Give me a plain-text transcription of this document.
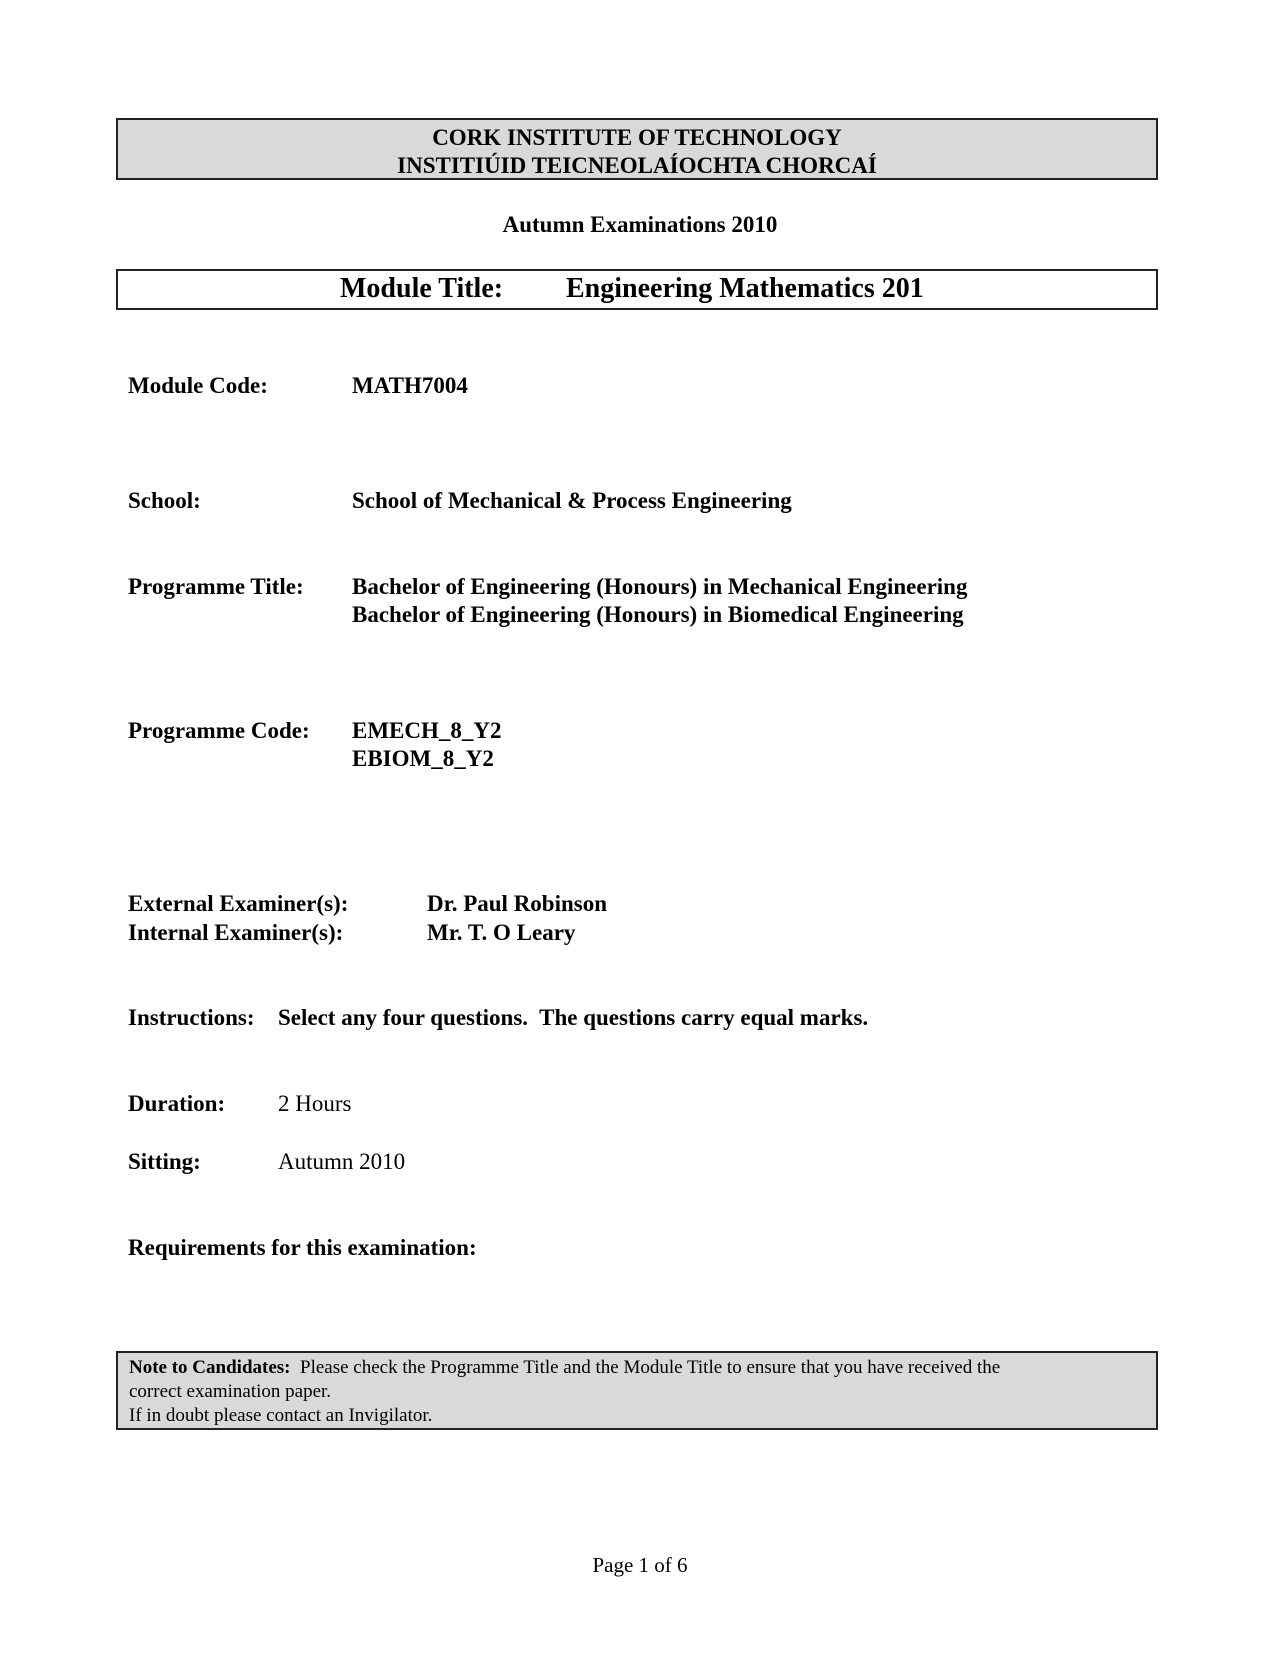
CORK INSTITUTE OF TECHNOLOGY
INSTITIÚID TEICNEOLAÍOCHTA CHORCAÍ
Autumn Examinations 2010
Module Title: Engineering Mathematics 201
Module Code:	MATH7004
School:	School of Mechanical & Process Engineering
Programme Title: Bachelor of Engineering (Honours) in Mechanical Engineering
Bachelor of Engineering (Honours) in Biomedical Engineering
Programme Code: EMECH_8_Y2
EBIOM_8_Y2
External Examiner(s):	Dr. Paul Robinson
Internal Examiner(s):	Mr. T. O Leary
Instructions: Select any four questions.  The questions carry equal marks.
Duration: 2 Hours
Sitting:	Autumn 2010
Requirements for this examination:
Note to Candidates: Please check the Programme Title and the Module Title to ensure that you have received the
correct examination paper.
If in doubt please contact an Invigilator.
Page 1 of 6
